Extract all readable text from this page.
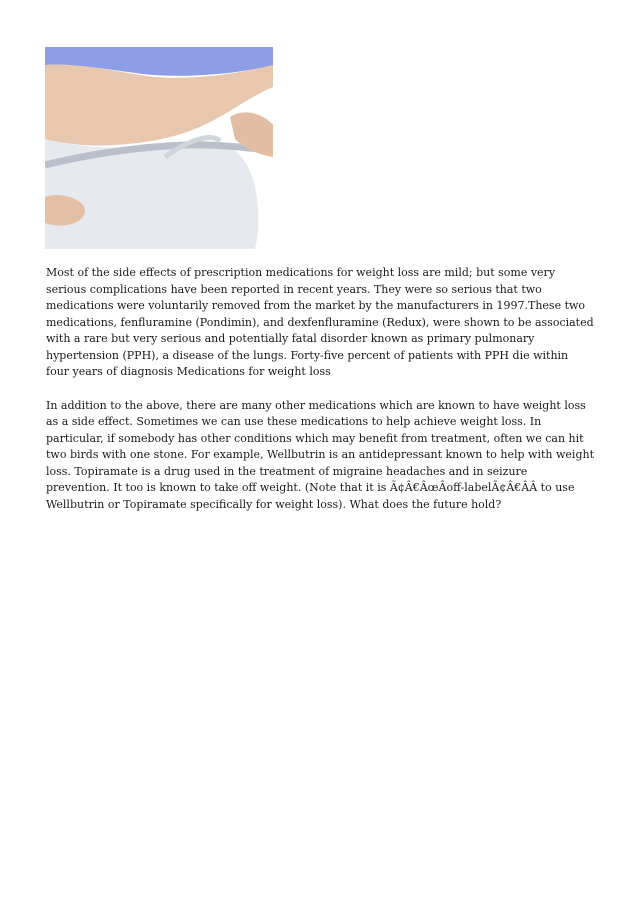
Most of the side effects of prescription medications for weight loss are mild; but some very serious complications have been reported in recent years. They were so serious that two medications were voluntarily removed from the market by the manufacturers in 1997.These two medications, fenfluramine (Pondimin), and dexfenfluramine (Redux), were shown to be associated with a rare but very serious and potentially fatal disorder known as primary pulmonary hypertension (PPH), a disease of the lungs. Forty-five percent of patients with PPH die within four years of diagnosis Medications for weight loss

In addition to the above, there are many other medications which are known to have weight loss as a side effect. Sometimes we can use these medications to help achieve weight loss. In particular, if somebody has other conditions which may benefit from treatment, often we can hit two birds with one stone. For example, Wellbutrin is an antidepressant known to help with weight loss. Topiramate is a drug used in the treatment of migraine headaches and in seizure prevention. It too is known to take off weight. (Note that it is Ã¢Â€ÂœÂoff-labelÃ¢Â€ÂÂ to use Wellbutrin or Topiramate specifically for weight loss). What does the future hold?
